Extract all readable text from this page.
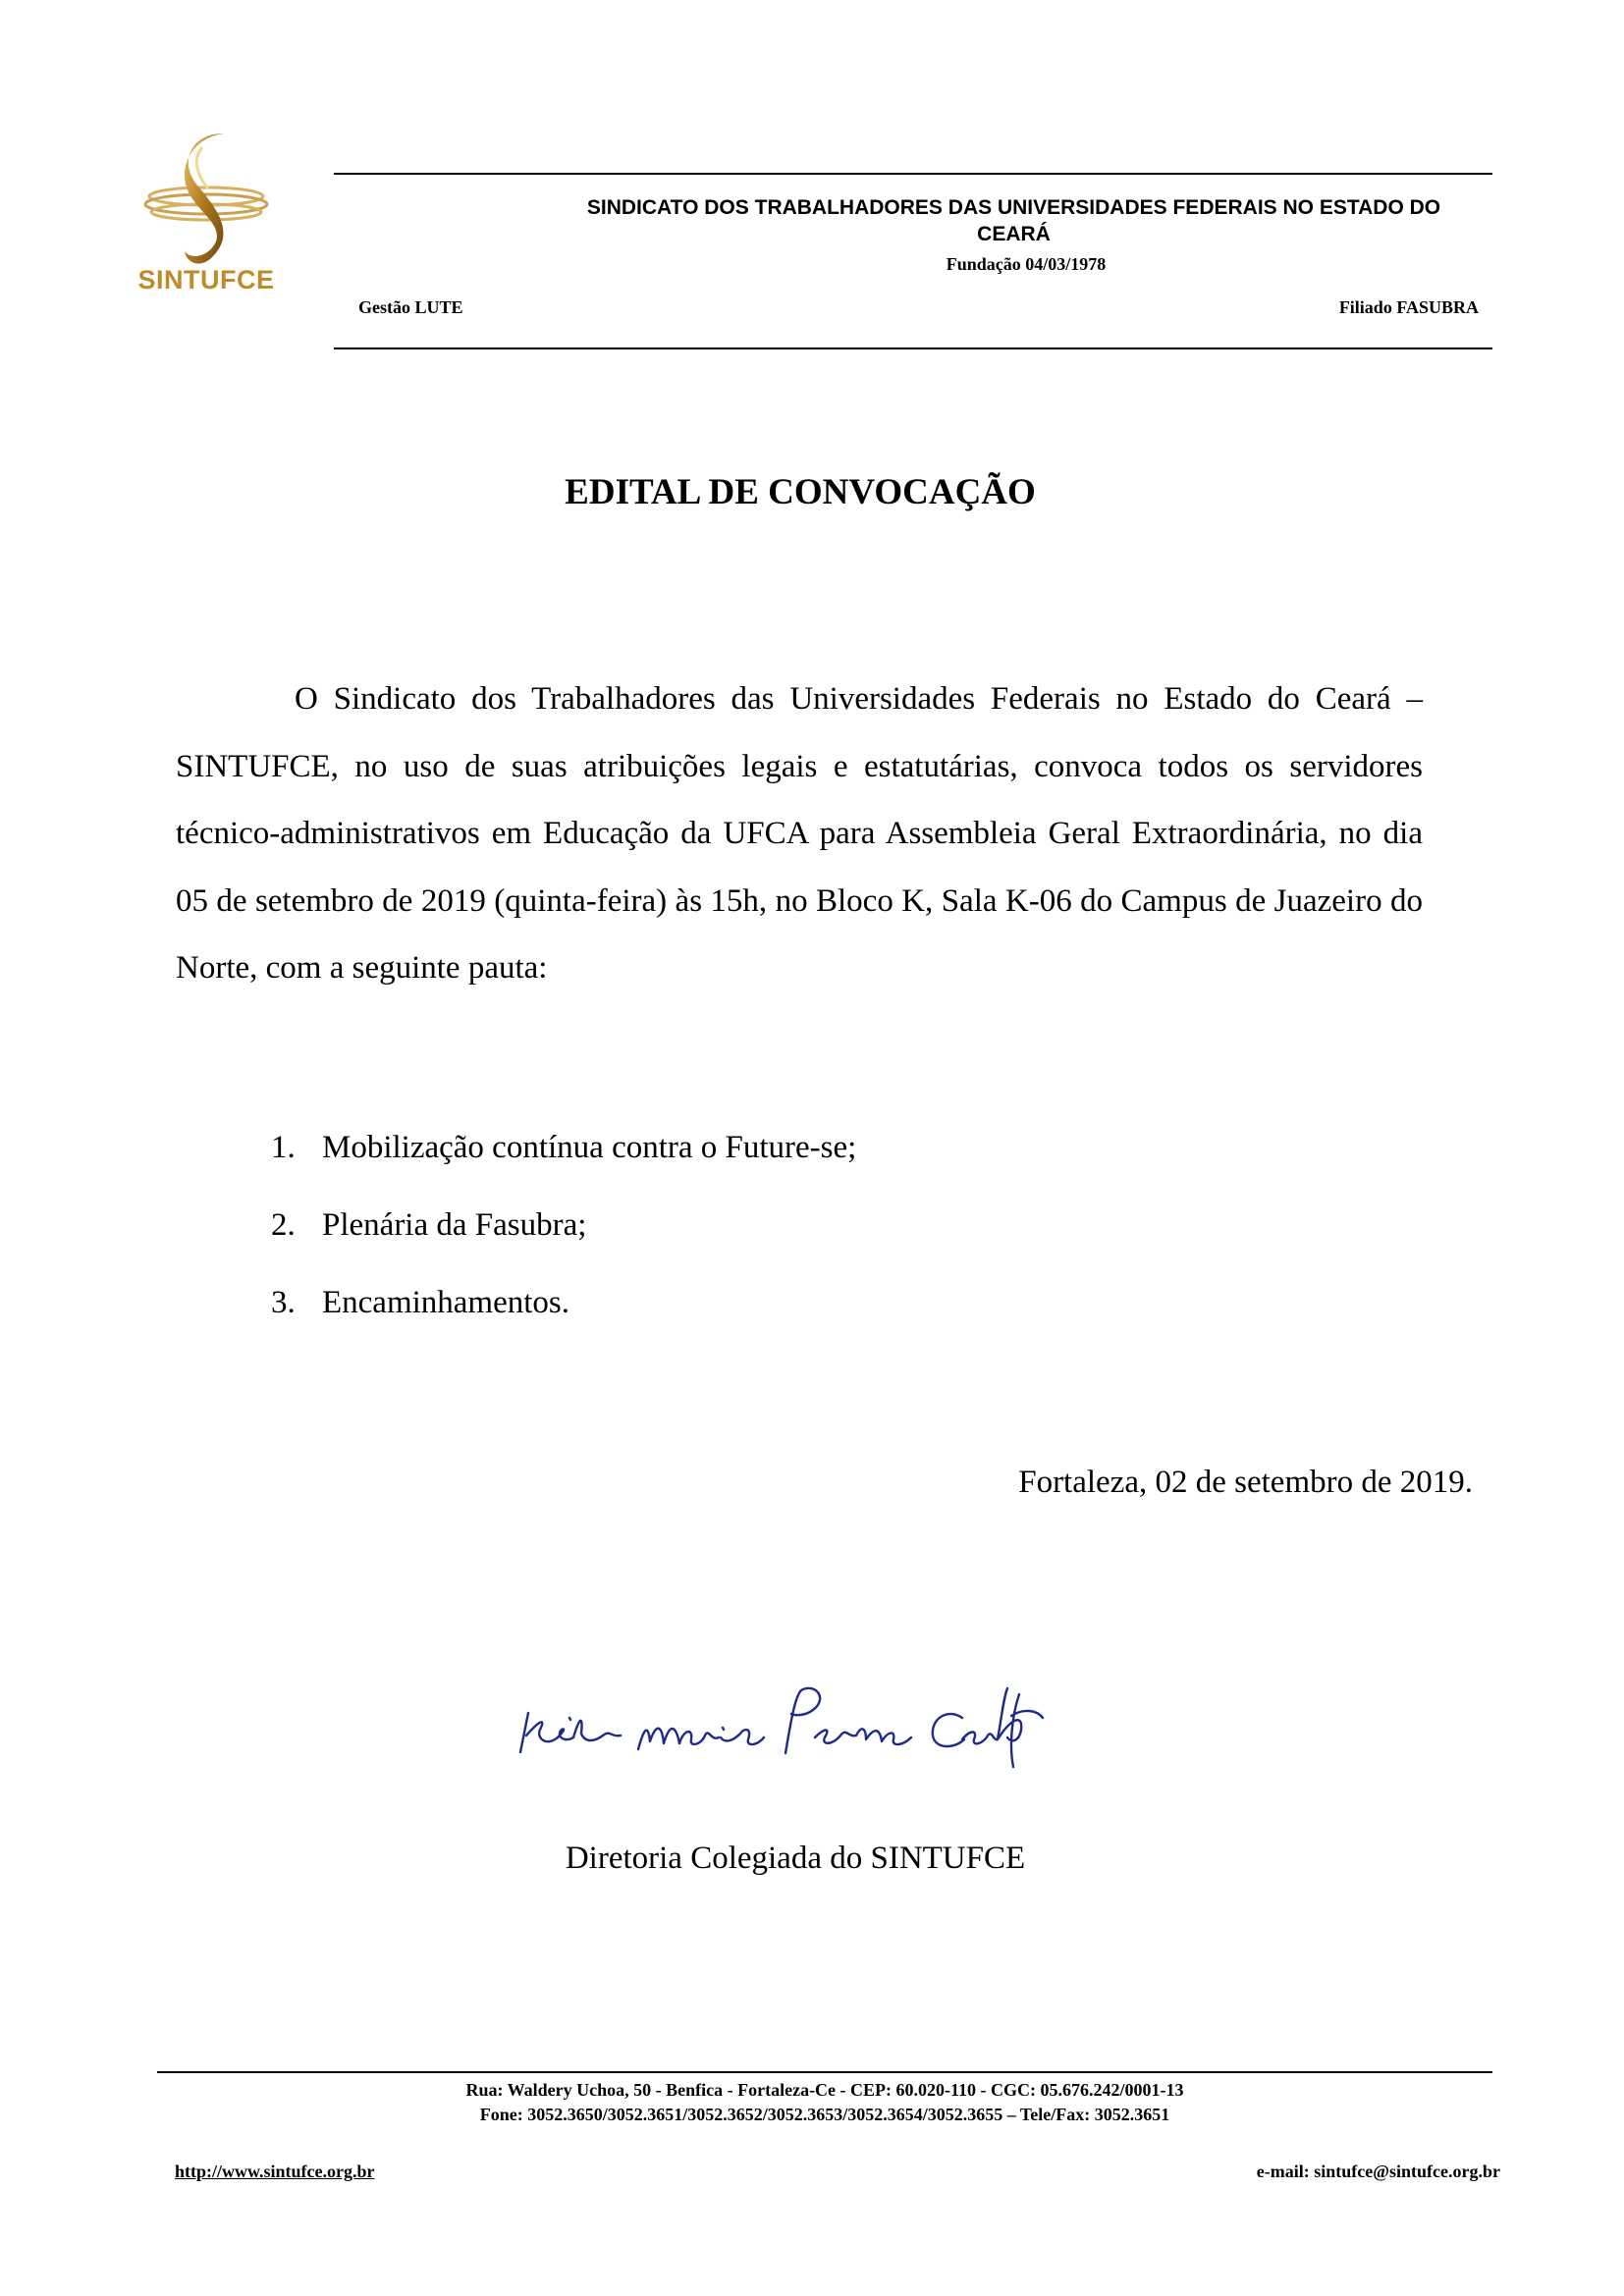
SINTUFCE
SINDICATO DOS TRABALHADORES DAS UNIVERSIDADES FEDERAIS NO ESTADO DO
CEARÁ
Fundação 04/03/1978
Gestão LUTE	Filiado FASUBRA
EDITAL DE CONVOCAÇÃO
O Sindicato dos Trabalhadores das Universidades Federais no Estado do Ceará – SINTUFCE, no uso de suas atribuições legais e estatutárias, convoca todos os servidores técnico-administrativos em Educação da UFCA para Assembleia Geral Extraordinária, no dia 05 de setembro de 2019 (quinta-feira) às 15h, no Bloco K, Sala K-06 do Campus de Juazeiro do Norte, com a seguinte pauta:
1. Mobilização contínua contra o Future-se;
2. Plenária da Fasubra;
3. Encaminhamentos.
Fortaleza, 02 de setembro de 2019.
Diretoria Colegiada do SINTUFCE
Rua: Waldery Uchoa, 50 - Benfica - Fortaleza-Ce - CEP: 60.020-110 - CGC: 05.676.242/0001-13
Fone: 3052.3650/3052.3651/3052.3652/3052.3653/3052.3654/3052.3655 – Tele/Fax: 3052.3651
http://www.sintufce.org.br	e-mail: sintufce@sintufce.org.br
